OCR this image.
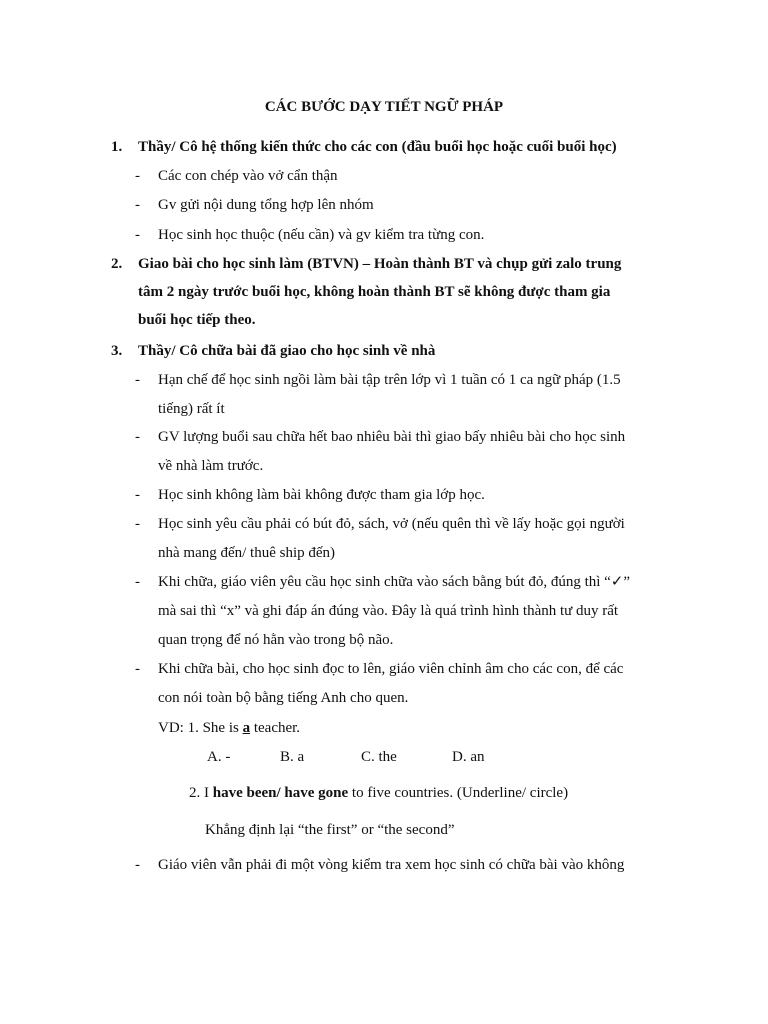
CÁC BƯỚC DẠY TIẾT NGỮ PHÁP
1. Thầy/ Cô hệ thống kiến thức cho các con (đầu buổi học hoặc cuối buổi học)
-	Các con chép vào vở cẩn thận
-	Gv gửi nội dung tổng hợp lên nhóm
-	Học sinh học thuộc (nếu cần) và gv kiểm tra từng con.
2. Giao bài cho học sinh làm (BTVN) – Hoàn thành BT và chụp gửi zalo trung
tâm 2 ngày trước buổi học, không hoàn thành BT sẽ không được tham gia
buổi học tiếp theo.
3. Thầy/ Cô chữa bài đã giao cho học sinh về nhà
-	Hạn chế để học sinh ngồi làm bài tập trên lớp vì 1 tuần có 1 ca ngữ pháp (1.5
tiếng) rất ít
-	GV lượng buổi sau chữa hết bao nhiêu bài thì giao bấy nhiêu bài cho học sinh
về nhà làm trước.
-	Học sinh không làm bài không được tham gia lớp học.
-	Học sinh yêu cầu phải có bút đỏ, sách, vở (nếu quên thì về lấy hoặc gọi người
nhà mang đến/ thuê ship đến)
-	Khi chữa, giáo viên yêu cầu học sinh chữa vào sách bằng bút đỏ, đúng thì “✓”
mà sai thì “x” và ghi đáp án đúng vào. Đây là quá trình hình thành tư duy rất
quan trọng để nó hằn vào trong bộ não.
-	Khi chữa bài, cho học sinh đọc to lên, giáo viên chỉnh âm cho các con, để các
con nói toàn bộ bằng tiếng Anh cho quen.
VD: 1. She is a teacher.
A. -	B. a	C. the	D. an
2. I have been/ have gone to five countries. (Underline/ circle)
Khẳng định lại “the first” or “the second”
-	Giáo viên vẫn phải đi một vòng kiểm tra xem học sinh có chữa bài vào không
